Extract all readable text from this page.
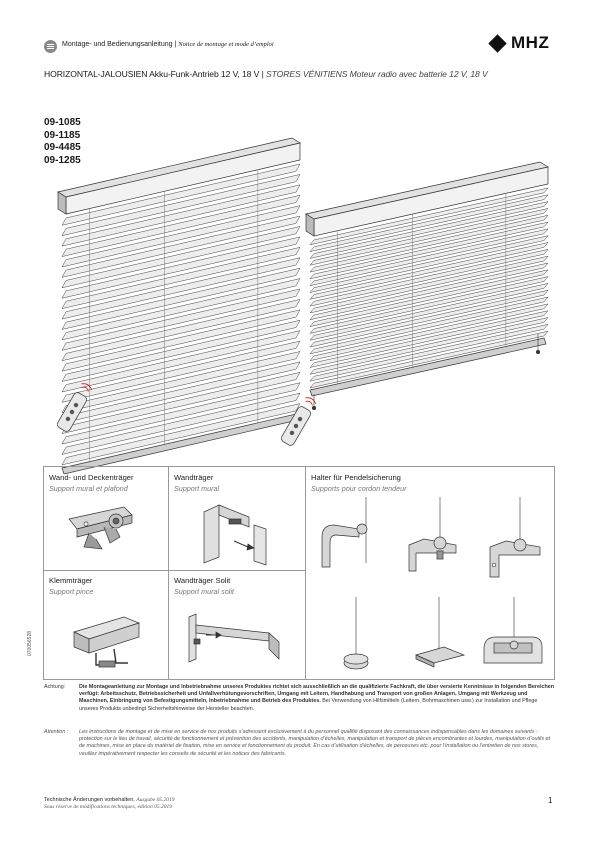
Montage- und Bedienungsanleitung | Notice de montage et mode d’emploi	MHZ
HORIZONTAL-JALOUSIEN Akku-Funk-Antrieb 12 V, 18 V | STORES VÉNITIENS Moteur radio avec batterie 12 V, 18 V
09-1085
09-1185
09-4485
09-1285
Wand- und Deckenträger
Support mural et plafond
Wandträger
Support mural
Klemmträger
Support pince
Wandträger Solit
Support mural solit
Halter für Pendelsicherung
Supports pour cordon tendeur
070056528
Achtung:	Die Montageanleitung zur Montage und Inbetriebnahme unseres Produktes richtet sich ausschließlich an die qualifizierte Fachkraft, die über versierte Kenntnisse in folgenden Bereichen verfügt: Arbeitsschutz, Betriebssicherheit und Unfallverhütungsvorschriften, Umgang mit Leitern, Handhabung und Transport von großen Anlagen, Umgang mit Werkzeug und Maschinen, Einbringung von Befestigungsmitteln, Inbetriebnahme und Betrieb des Produktes. Bei Verwendung von Hilfsmitteln (Leitern, Bohrmaschinen usw.) zur Installation und Pflege unseres Produkts unbedingt Sicherheitshinweise der Hersteller beachten.
Attention :	Les instructions de montage et de mise en service de nos produits s’adressent exclusivement à du personnel qualifié disposant des connaissances indispensables dans les domaines suivants : protection sur le lieu de travail, sécurité de fonctionnement et prévention des accidents, manipulation d’échelles, manipulation et transport de pièces encombrantes et lourdes, manipulation d’outils et de machines, mise en place du matériel de fixation, mise en service et fonctionnement du produit. En cas d’utilisation d’échelles, de perceuses etc. pour l’installation ou l’entretien de nos stores, veuillez impérativement respecter les conseils de sécurité et les notices des fabricants.
Technische Änderungen vorbehalten, Ausgabe 05.2019
Sous réserve de modifications techniques, édition 05.2019
1
